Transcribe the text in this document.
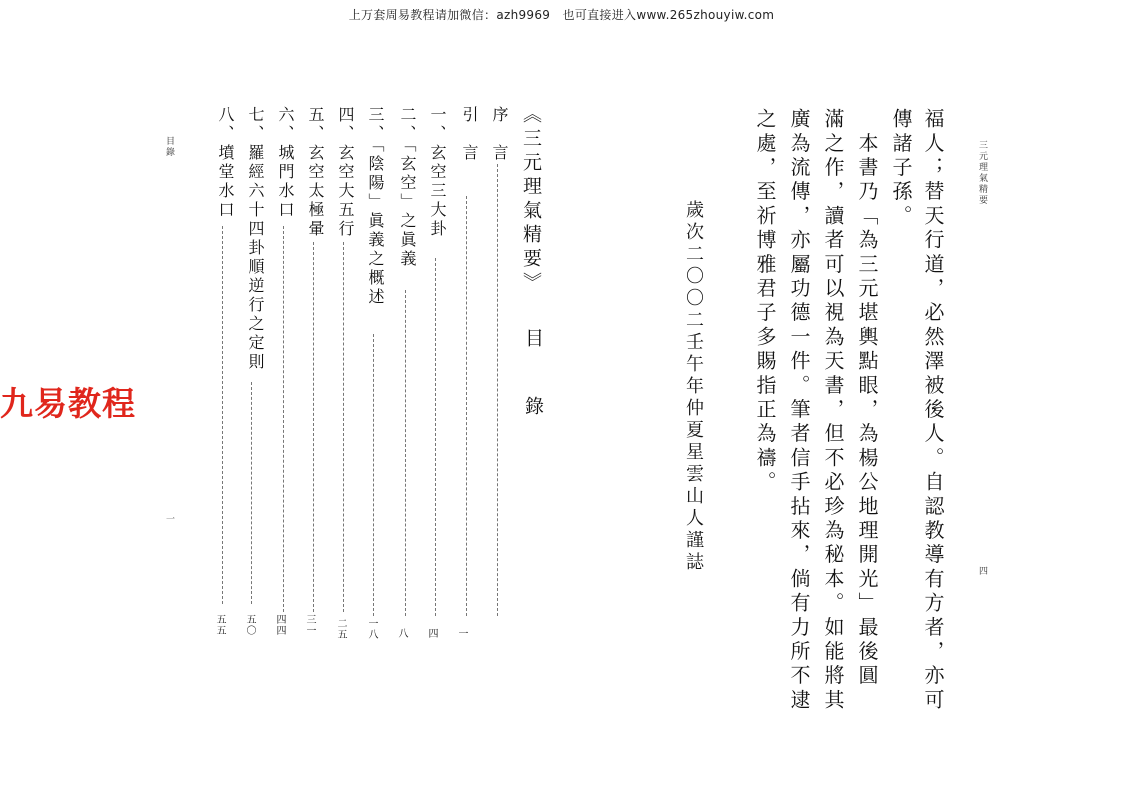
上万套周易教程请加微信：azh9969　也可直接进入www.265zhouyiw.com
九易教程
三元理氣精要
四
福人；替天行道，必然澤被後人。自認教導有方者，亦可
傳諸子孫。
　本書乃「為三元堪輿點眼，為楊公地理開光」最後圓
滿之作，讀者可以視為天書，但不必珍為秘本。如能將其
廣為流傳，亦屬功德一件。筆者信手拈來，倘有力所不逮
之處，至祈博雅君子多賜指正為禱。
歲次二〇〇二壬午年仲夏星雲山人謹誌
目錄
一
《三元理氣精要》
目
錄
序　言
引　言
一、玄空三大卦
二、「玄空」之眞義
三、「陰陽」眞義之概述
四、玄空大五行
五、玄空太極暈
六、城門水口
七、羅經六十四卦順逆行之定則
八、墳堂水口
一
四
八
一八
二五
三一
四四
五〇
五五
